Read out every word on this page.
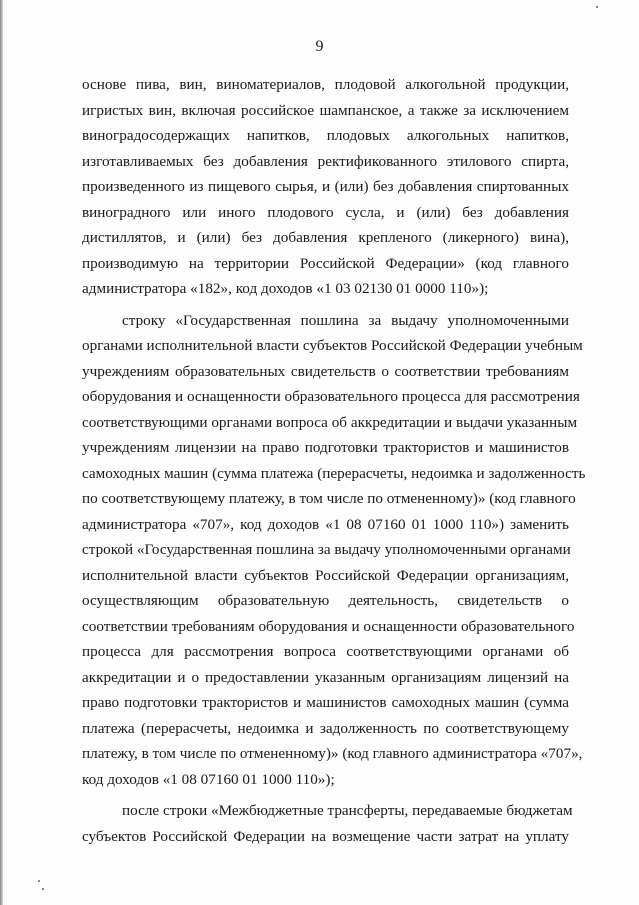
9
основе пива, вин, виноматериалов, плодовой алкогольной продукции,
игристых вин, включая российское шампанское, а также за исключением
виноградосодержащих напитков, плодовых алкогольных напитков,
изготавливаемых без добавления ректификованного этилового спирта,
произведенного из пищевого сырья, и (или) без добавления спиртованных
виноградного или иного плодового сусла, и (или) без добавления
дистиллятов, и (или) без добавления крепленого (ликерного) вина),
производимую на территории Российской Федерации» (код главного
администратора «182», код доходов «1 03 02130 01 0000 110»);
строку «Государственная пошлина за выдачу уполномоченными
органами исполнительной власти субъектов Российской Федерации учебным
учреждениям образовательных свидетельств о соответствии требованиям
оборудования и оснащенности образовательного процесса для рассмотрения
соответствующими органами вопроса об аккредитации и выдачи указанным
учреждениям лицензии на право подготовки трактористов и машинистов
самоходных машин (сумма платежа (перерасчеты, недоимка и задолженность
по соответствующему платежу, в том числе по отмененному)» (код главного
администратора «707», код доходов «1 08 07160 01 1000 110») заменить
строкой «Государственная пошлина за выдачу уполномоченными органами
исполнительной власти субъектов Российской Федерации организациям,
осуществляющим образовательную деятельность, свидетельств о
соответствии требованиям оборудования и оснащенности образовательного
процесса для рассмотрения вопроса соответствующими органами об
аккредитации и о предоставлении указанным организациям лицензий на
право подготовки трактористов и машинистов самоходных машин (сумма
платежа (перерасчеты, недоимка и задолженность по соответствующему
платежу, в том числе по отмененному)» (код главного администратора «707»,
код доходов «1 08 07160 01 1000 110»);
после строки «Межбюджетные трансферты, передаваемые бюджетам
субъектов Российской Федерации на возмещение части затрат на уплату
